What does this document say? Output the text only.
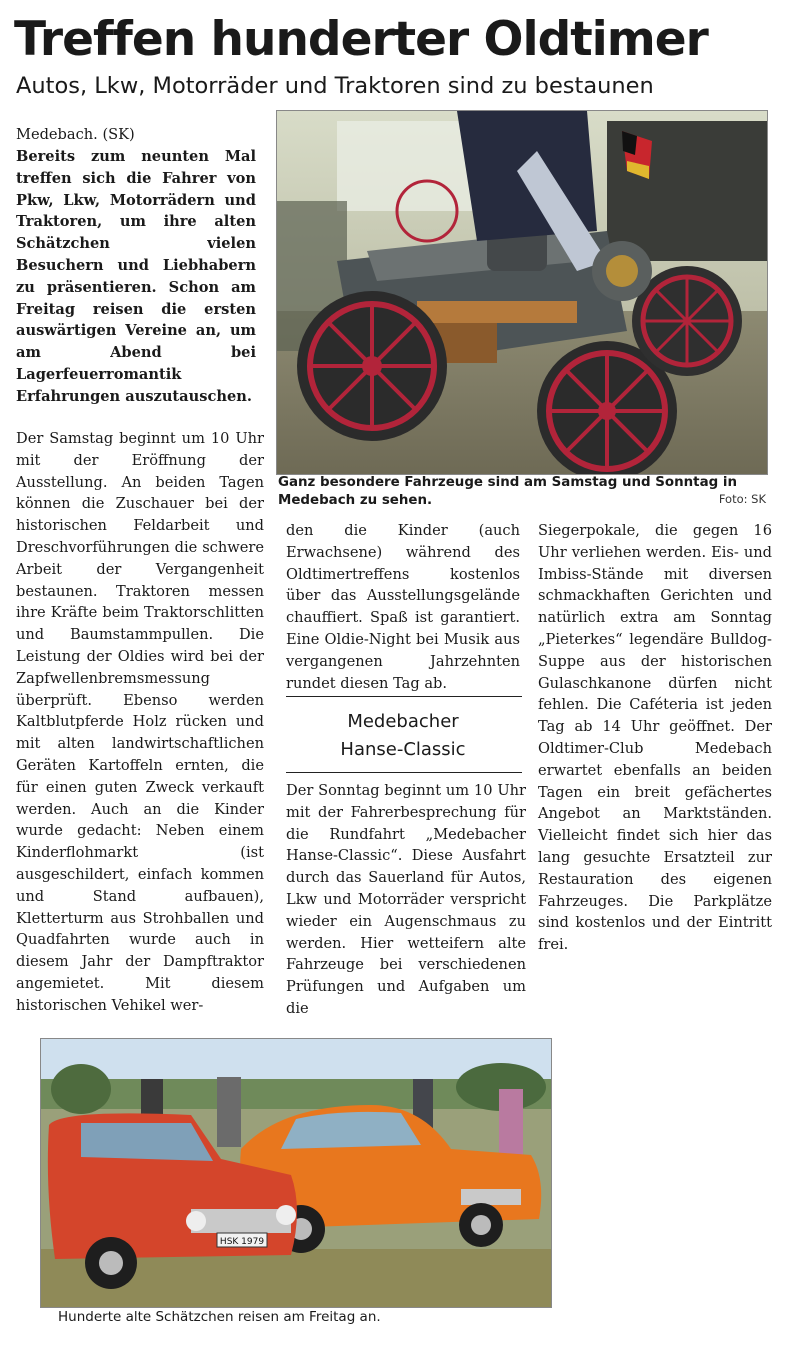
Treffen hunderter Oldtimer
Autos, Lkw, Motorräder und Traktoren sind zu bestaunen
Medebach. (SK)
Bereits zum neunten Mal treffen sich die Fahrer von Pkw, Lkw, Motorrädern und Traktoren, um ihre alten Schätzchen vielen Besuchern und Liebhabern zu präsentieren. Schon am Freitag reisen die ersten auswärtigen Vereine an, um am Abend bei Lagerfeuerromantik Erfahrungen auszutauschen.
Der Samstag beginnt um 10 Uhr mit der Eröffnung der Ausstellung. An beiden Tagen können die Zuschauer bei der historischen Feldarbeit und Dreschvorführungen die schwere Arbeit der Vergangenheit bestaunen. Traktoren messen ihre Kräfte beim Traktorschlitten und Baumstammpullen. Die Leistung der Oldies wird bei der Zapfwellenbremsmessung überprüft. Ebenso werden Kaltblutpferde Holz rücken und mit alten landwirtschaftlichen Geräten Kartoffeln ernten, die für einen guten Zweck verkauft werden. Auch an die Kinder wurde gedacht: Neben einem Kinderflohmarkt (ist ausgeschildert, einfach kommen und Stand aufbauen), Kletterturm aus Strohballen und Quadfahrten wurde auch in diesem Jahr der Dampftraktor angemietet. Mit diesem historischen Vehikel wer-
Ganz besondere Fahrzeuge sind am Samstag und Sonntag in Medebach zu sehen.	Foto: SK
den die Kinder (auch Erwachsene) während des Oldtimertreffens kostenlos über das Ausstellungsgelände chauffiert. Spaß ist garantiert. Eine Oldie-Night bei Musik aus vergangenen Jahrzehnten rundet diesen Tag ab.
Medebacher
Hanse-Classic
Der Sonntag beginnt um 10 Uhr mit der Fahrerbesprechung für die Rundfahrt „Medebacher Hanse-Classic“. Diese Ausfahrt durch das Sauerland für Autos, Lkw und Motorräder verspricht wieder ein Augenschmaus zu werden. Hier wetteifern alte Fahrzeuge bei verschiedenen Prüfungen und Aufgaben um die
Siegerpokale, die gegen 16 Uhr verliehen werden. Eis- und Imbiss-Stände mit diversen schmackhaften Gerichten und natürlich extra am Sonntag „Pieterkes“ legendäre Bulldog-Suppe aus der historischen Gulaschkanone dürfen nicht fehlen. Die Caféteria ist jeden Tag ab 14 Uhr geöffnet. Der Oldtimer-Club Medebach erwartet ebenfalls an beiden Tagen ein breit gefächertes Angebot an Marktständen. Vielleicht findet sich hier das lang gesuchte Ersatzteil zur Restauration des eigenen Fahrzeuges. Die Parkplätze sind kostenlos und der Eintritt frei.
HSK 1979
Hunderte alte Schätzchen reisen am Freitag an.
